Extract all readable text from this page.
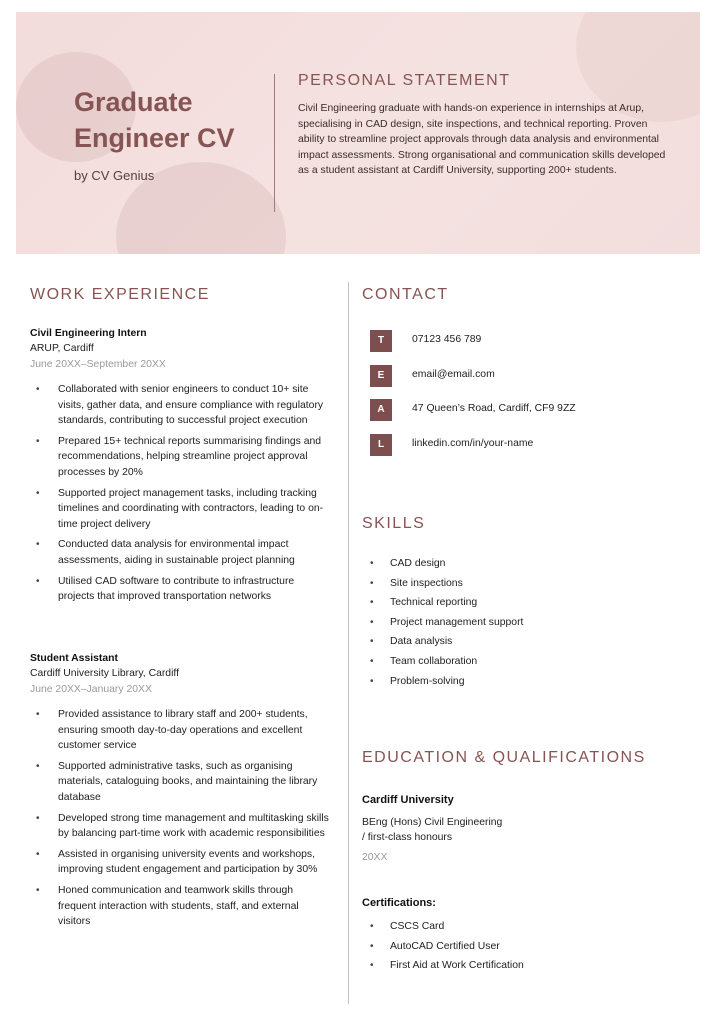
Graduate
Engineer CV
by CV Genius
PERSONAL STATEMENT
Civil Engineering graduate with hands-on experience in internships at Arup, specialising in CAD design, site inspections, and technical reporting. Proven ability to streamline project approvals through data analysis and environmental impact assessments. Strong organisational and communication skills developed as a student assistant at Cardiff University, supporting 200+ students.
WORK EXPERIENCE
Civil Engineering Intern
ARUP, Cardiff
June 20XX–September 20XX
• Collaborated with senior engineers to conduct 10+ site visits, gather data, and ensure compliance with regulatory standards, contributing to successful project execution
• Prepared 15+ technical reports summarising findings and recommendations, helping streamline project approval processes by 20%
• Supported project management tasks, including tracking timelines and coordinating with contractors, leading to on-time project delivery
• Conducted data analysis for environmental impact assessments, aiding in sustainable project planning
• Utilised CAD software to contribute to infrastructure projects that improved transportation networks
Student Assistant
Cardiff University Library, Cardiff
June 20XX–January 20XX
• Provided assistance to library staff and 200+ students, ensuring smooth day-to-day operations and excellent customer service
• Supported administrative tasks, such as organising materials, cataloguing books, and maintaining the library database
• Developed strong time management and multitasking skills by balancing part-time work with academic responsibilities
• Assisted in organising university events and workshops, improving student engagement and participation by 30%
• Honed communication and teamwork skills through frequent interaction with students, staff, and external visitors
CONTACT
T	07123 456 789
E	email@email.com
A	47 Queen’s Road, Cardiff, CF9 9ZZ
L	linkedin.com/in/your-name
SKILLS
• CAD design
• Site inspections
• Technical reporting
• Project management support
• Data analysis
• Team collaboration
• Problem-solving
EDUCATION & QUALIFICATIONS
Cardiff University
BEng (Hons) Civil Engineering
/ first-class honours
20XX
Certifications:
• CSCS Card
• AutoCAD Certified User
• First Aid at Work Certification
